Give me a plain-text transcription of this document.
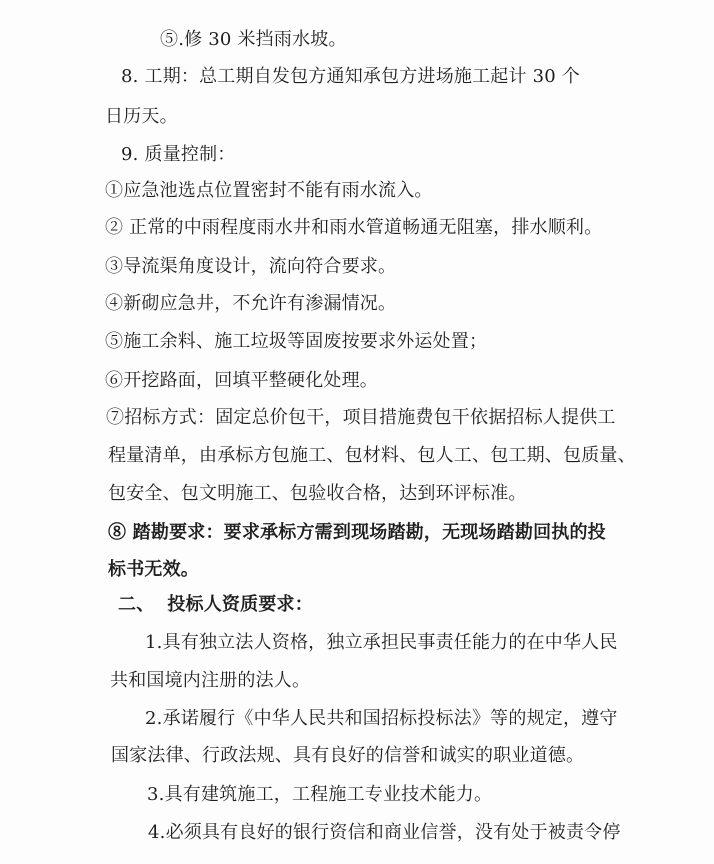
⑤.修 30 米挡雨水坡。
8. 工期：总工期自发包方通知承包方进场施工起计 30 个
日历天。
9. 质量控制：
①应急池选点位置密封不能有雨水流入。
② 正常的中雨程度雨水井和雨水管道畅通无阻塞，排水顺利。
③导流渠角度设计，流向符合要求。
④新砌应急井，不允许有渗漏情况。
⑤施工余料、施工垃圾等固废按要求外运处置；
⑥开挖路面，回填平整硬化处理。
⑦招标方式：固定总价包干，项目措施费包干依据招标人提供工
程量清单，由承标方包施工、包材料、包人工、包工期、包质量、
包安全、包文明施工、包验收合格，达到环评标准。
⑧ 踏勘要求：要求承标方需到现场踏勘，无现场踏勘回执的投
标书无效。
二、  投标人资质要求：
1.具有独立法人资格，独立承担民事责任能力的在中华人民
共和国境内注册的法人。
2.承诺履行《中华人民共和国招标投标法》等的规定，遵守
国家法律、行政法规、具有良好的信誉和诚实的职业道德。
3.具有建筑施工，工程施工专业技术能力。
4.必须具有良好的银行资信和商业信誉，没有处于被责令停
